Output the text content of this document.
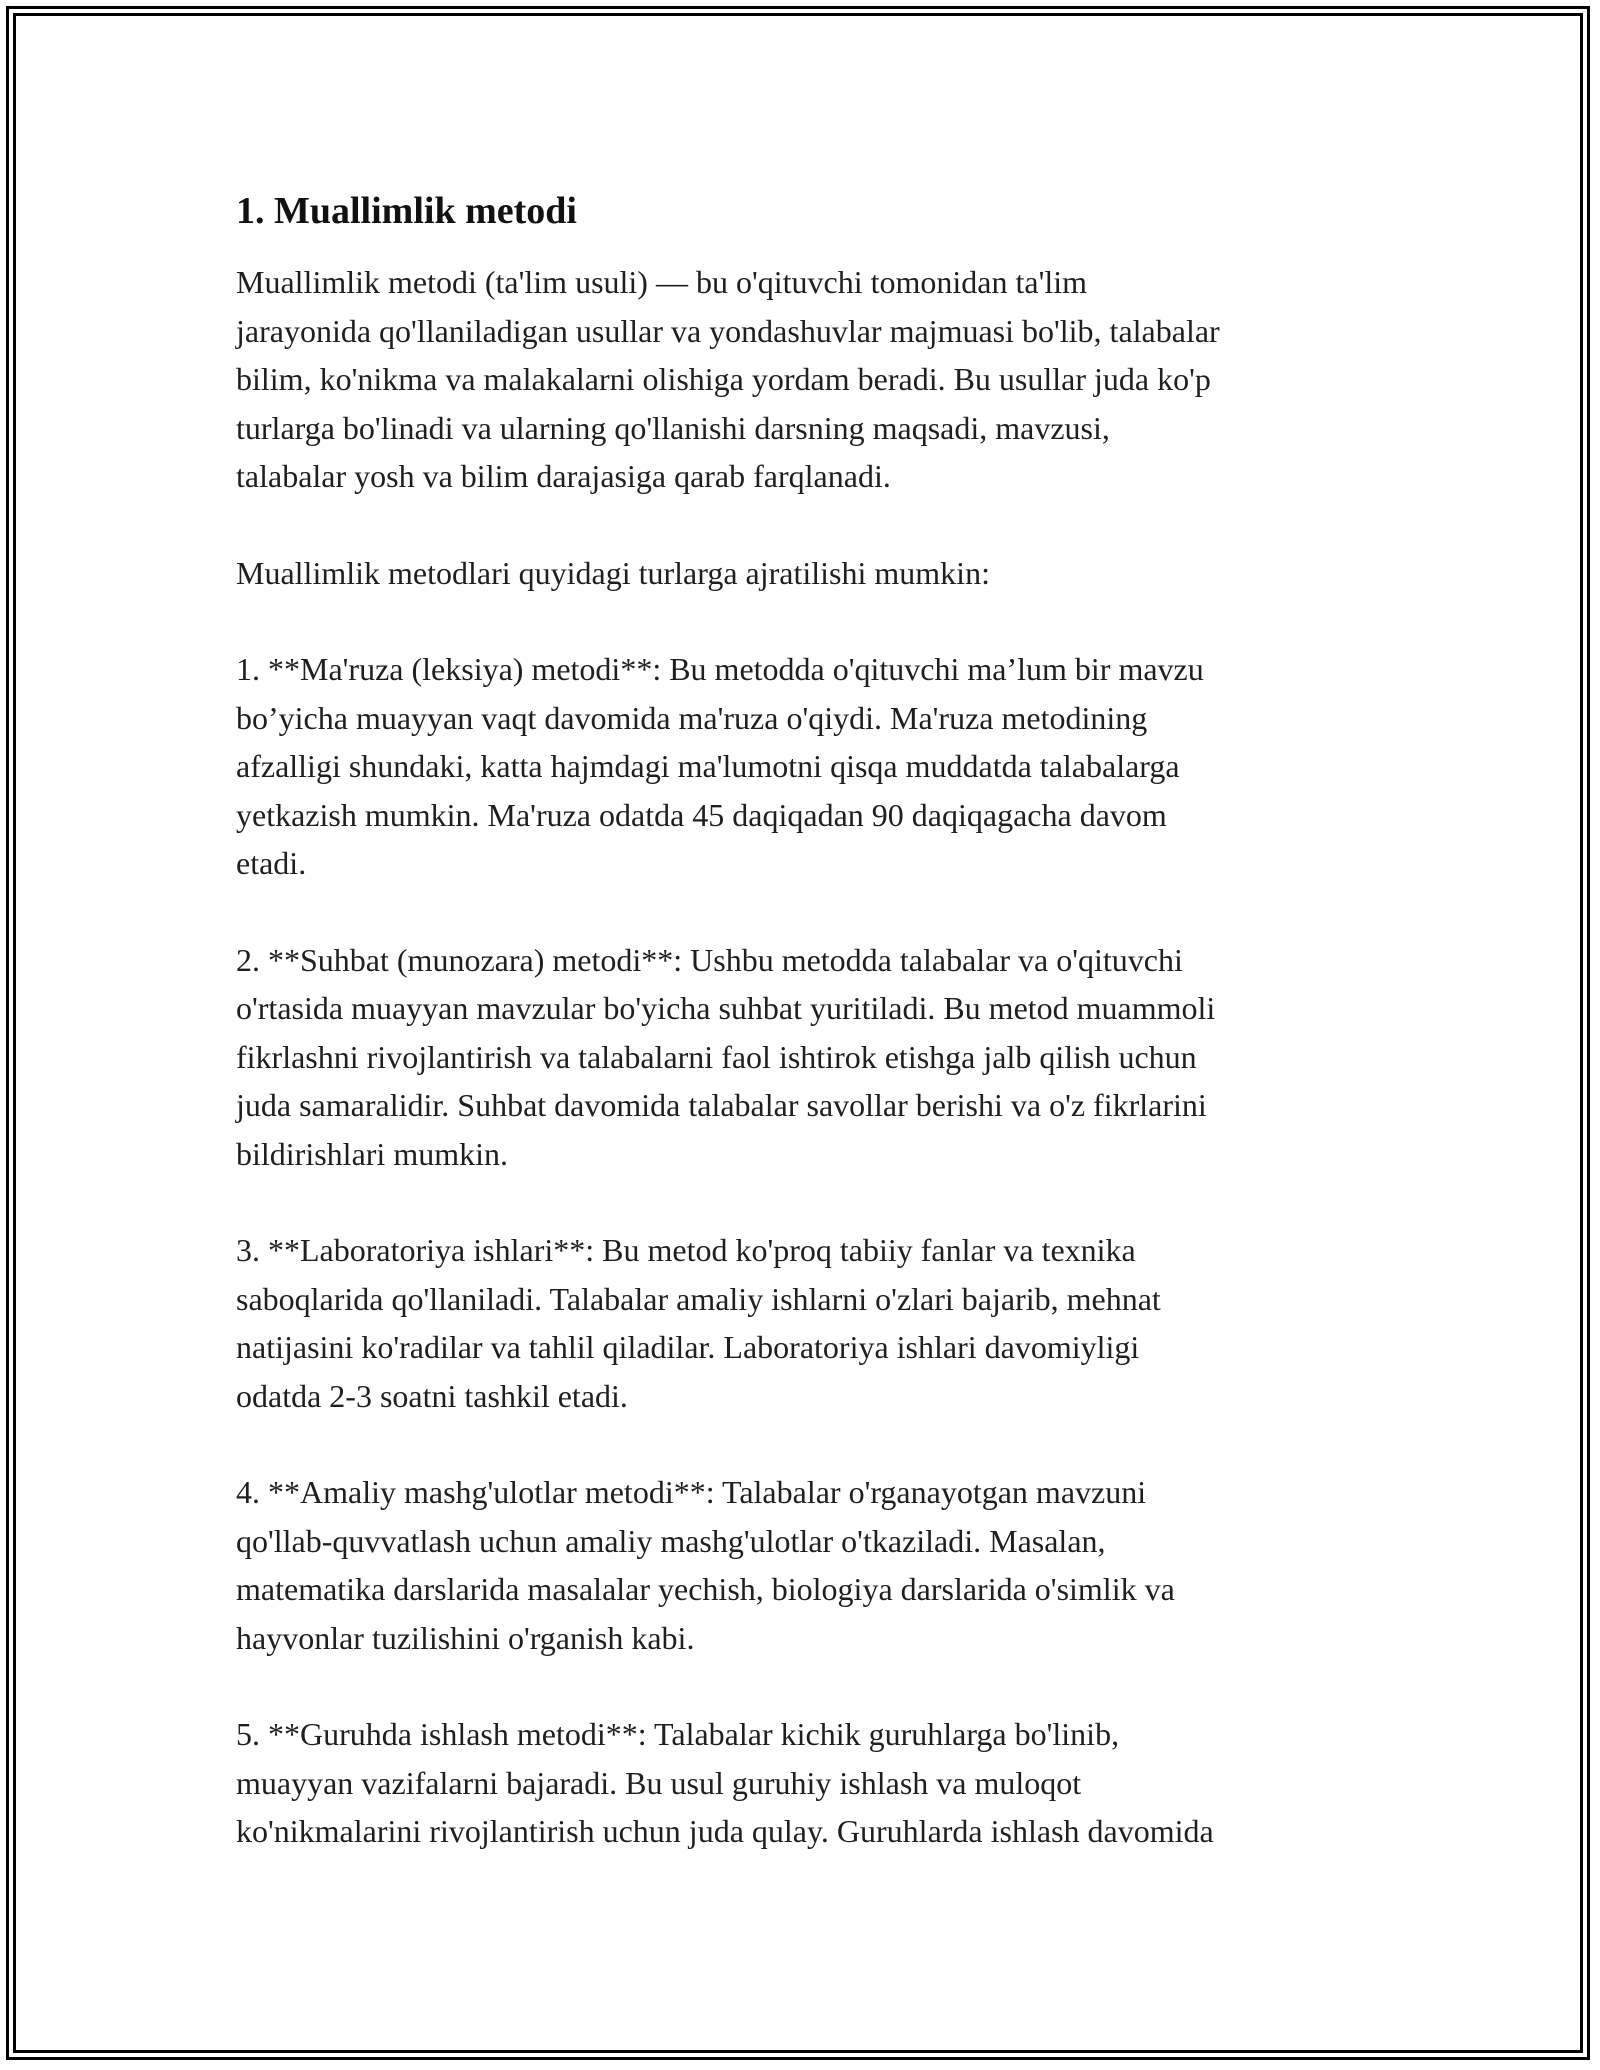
1. Muallimlik metodi

Muallimlik metodi (ta'lim usuli) — bu o'qituvchi tomonidan ta'lim
jarayonida qo'llaniladigan usullar va yondashuvlar majmuasi bo'lib, talabalar
bilim, ko'nikma va malakalarni olishiga yordam beradi. Bu usullar juda ko'p
turlarga bo'linadi va ularning qo'llanishi darsning maqsadi, mavzusi,
talabalar yosh va bilim darajasiga qarab farqlanadi.

Muallimlik metodlari quyidagi turlarga ajratilishi mumkin:

1. **Ma'ruza (leksiya) metodi**: Bu metodda o'qituvchi ma’lum bir mavzu
bo’yicha muayyan vaqt davomida ma'ruza o'qiydi. Ma'ruza metodining
afzalligi shundaki, katta hajmdagi ma'lumotni qisqa muddatda talabalarga
yetkazish mumkin. Ma'ruza odatda 45 daqiqadan 90 daqiqagacha davom
etadi.

2. **Suhbat (munozara) metodi**: Ushbu metodda talabalar va o'qituvchi
o'rtasida muayyan mavzular bo'yicha suhbat yuritiladi. Bu metod muammoli
fikrlashni rivojlantirish va talabalarni faol ishtirok etishga jalb qilish uchun
juda samaralidir. Suhbat davomida talabalar savollar berishi va o'z fikrlarini
bildirishlari mumkin.

3. **Laboratoriya ishlari**: Bu metod ko'proq tabiiy fanlar va texnika
saboqlarida qo'llaniladi. Talabalar amaliy ishlarni o'zlari bajarib, mehnat
natijasini ko'radilar va tahlil qiladilar. Laboratoriya ishlari davomiyligi
odatda 2-3 soatni tashkil etadi.

4. **Amaliy mashg'ulotlar metodi**: Talabalar o'rganayotgan mavzuni
qo'llab-quvvatlash uchun amaliy mashg'ulotlar o'tkaziladi. Masalan,
matematika darslarida masalalar yechish, biologiya darslarida o'simlik va
hayvonlar tuzilishini o'rganish kabi.

5. **Guruhda ishlash metodi**: Talabalar kichik guruhlarga bo'linib,
muayyan vazifalarni bajaradi. Bu usul guruhiy ishlash va muloqot
ko'nikmalarini rivojlantirish uchun juda qulay. Guruhlarda ishlash davomida
